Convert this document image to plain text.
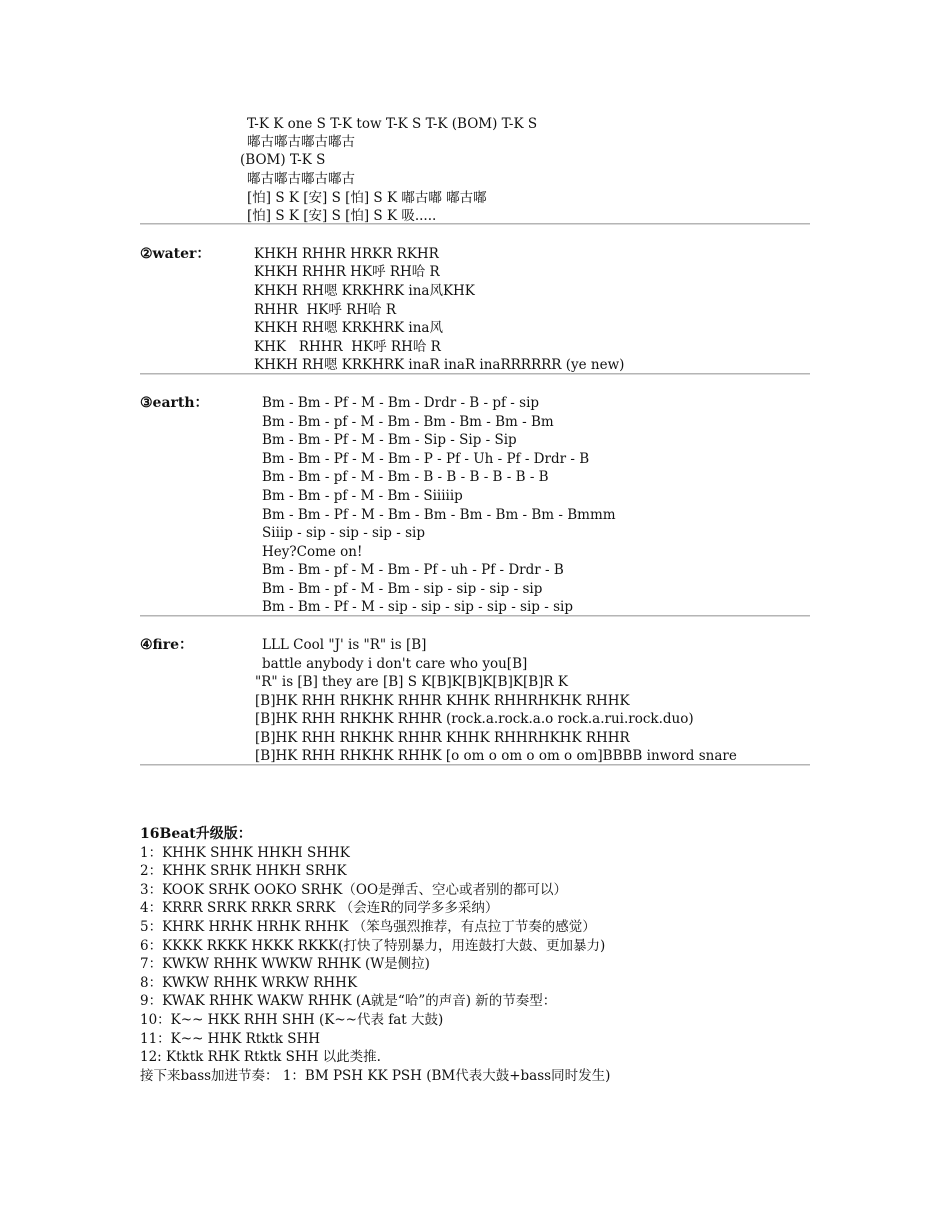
T-K K one S T-K tow T-K S T-K (BOM) T-K S
嘟古嘟古嘟古嘟古
(BOM) T-K S
嘟古嘟古嘟古嘟古
[怕] S K [安] S [怕] S K 嘟古嘟 嘟古嘟
[怕] S K [安] S [怕] S K 吸.....
②water：	KHKH RHHR HRKR RKHR
KHKH RHHR HK呼 RH哈 R
KHKH RH嗯 KRKHRK ina风KHK
RHHR  HK呼 RH哈 R
KHKH RH嗯 KRKHRK ina风
KHK   RHHR  HK呼 RH哈 R
KHKH RH嗯 KRKHRK inaR inaR inaRRRRRR (ye new)
③earth：	Bm - Bm - Pf - M - Bm - Drdr - B - pf - sip
Bm - Bm - pf - M - Bm - Bm - Bm - Bm - Bm
Bm - Bm - Pf - M - Bm - Sip - Sip - Sip
Bm - Bm - Pf - M - Bm - P - Pf - Uh - Pf - Drdr - B
Bm - Bm - pf - M - Bm - B - B - B - B - B - B
Bm - Bm - pf - M - Bm - Siiiiip
Bm - Bm - Pf - M - Bm - Bm - Bm - Bm - Bm - Bmmm
Siiip - sip - sip - sip - sip
Hey?Come on!
Bm - Bm - pf - M - Bm - Pf - uh - Pf - Drdr - B
Bm - Bm - pf - M - Bm - sip - sip - sip - sip
Bm - Bm - Pf - M - sip - sip - sip - sip - sip - sip
④fire：	LLL Cool "J' is "R" is [B]
battle anybody i don't care who you[B]
"R" is [B] they are [B] S K[B]K[B]K[B]K[B]R K
[B]HK RHH RHKHK RHHR KHHK RHHRHKHK RHHK
[B]HK RHH RHKHK RHHR (rock.a.rock.a.o rock.a.rui.rock.duo)
[B]HK RHH RHKHK RHHR KHHK RHHRHKHK RHHR
[B]HK RHH RHKHK RHHK [o om o om o om o om]BBBB inword snare
16Beat升级版：
1：KHHK SHHK HHKH SHHK
2：KHHK SRHK HHKH SRHK
3：KOOK SRHK OOKO SRHK（OO是弹舌、空心或者别的都可以）
4：KRRR SRRK RRKR SRRK （会连R的同学多多采纳）
5：KHRK HRHK HRHK RHHK （笨鸟强烈推荐，有点拉丁节奏的感觉）
6：KKKK RKKK HKKK RKKK(打快了特别暴力，用连鼓打大鼓、更加暴力)
7：KWKW RHHK WWKW RHHK (W是侧拉)
8：KWKW RHHK WRKW RHHK
9：KWAK RHHK WAKW RHHK (A就是“哈”的声音) 新的节奏型：
10：K~~ HKK RHH SHH (K~~代表 fat 大鼓)
11：K~~ HHK Rtktk SHH
12: Ktktk RHK Rtktk SHH 以此类推.
接下来bass加进节奏： 1：BM PSH KK PSH (BM代表大鼓+bass同时发生)
